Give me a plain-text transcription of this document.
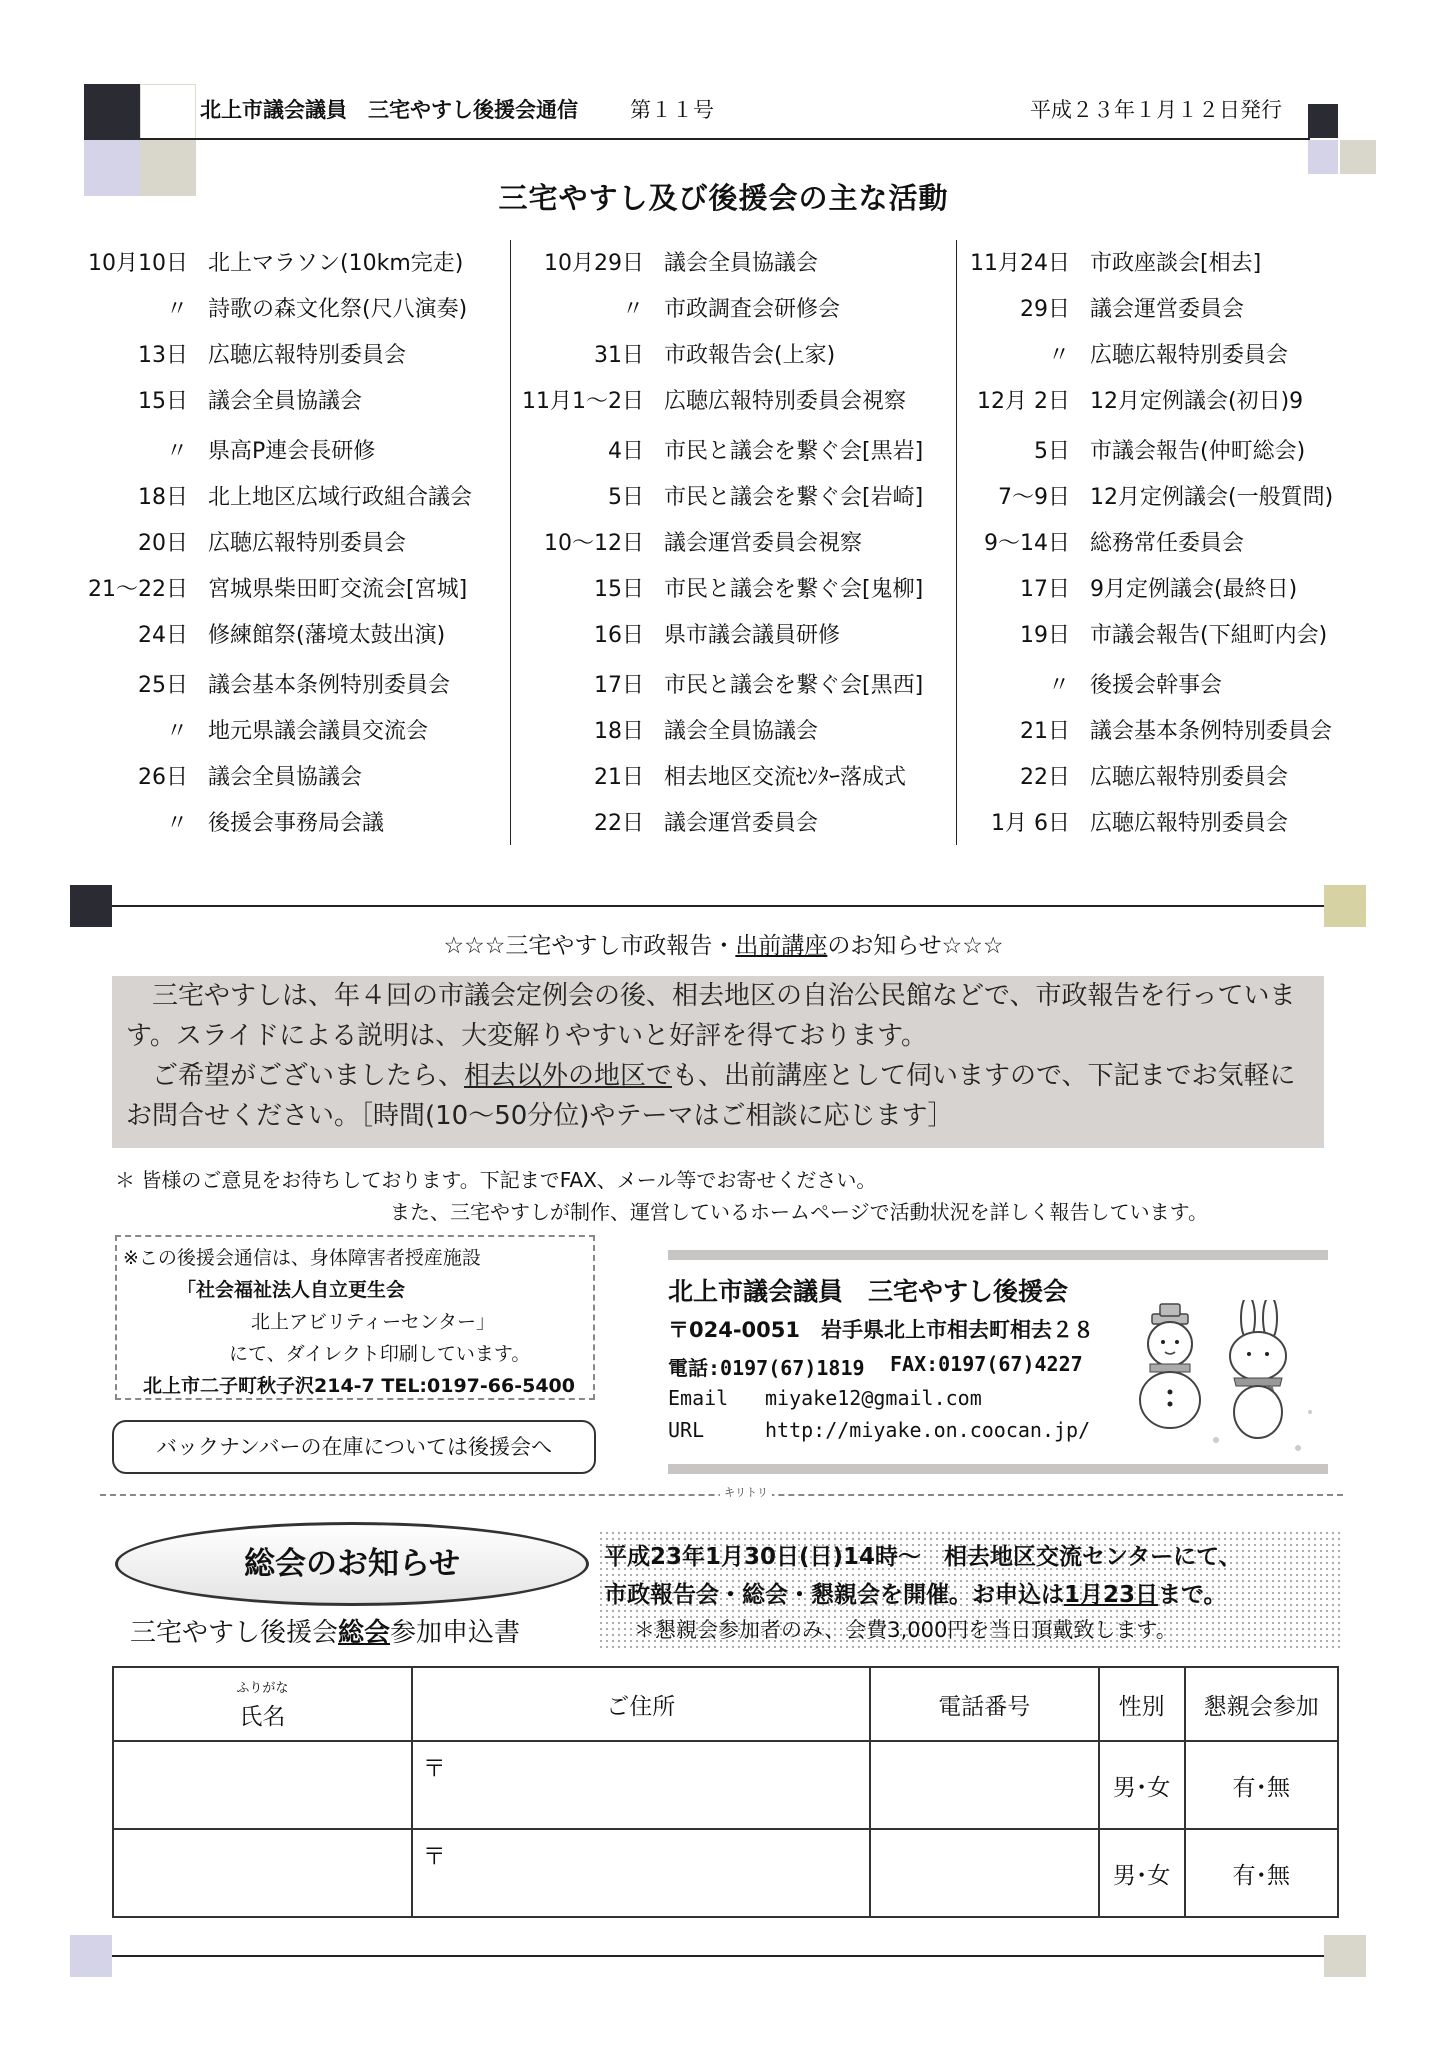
北上市議会議員　三宅やすし後援会通信 第１１号	平成２３年１月１２日発行
三宅やすし及び後援会の主な活動
10月10日 北上マラソン(10km完走)
〃 詩歌の森文化祭(尺八演奏)
13日 広聴広報特別委員会
15日 議会全員協議会
〃 県高P連会長研修
18日 北上地区広域行政組合議会
20日 広聴広報特別委員会
21～22日 宮城県柴田町交流会[宮城]
24日 修練館祭(藩境太鼓出演)
25日 議会基本条例特別委員会
〃 地元県議会議員交流会
26日 議会全員協議会
〃 後援会事務局会議
10月29日 議会全員協議会
〃 市政調査会研修会
31日 市政報告会(上家)
11月1～2日 広聴広報特別委員会視察
4日 市民と議会を繋ぐ会[黒岩]
5日 市民と議会を繋ぐ会[岩崎]
10～12日 議会運営委員会視察
15日 市民と議会を繋ぐ会[鬼柳]
16日 県市議会議員研修
17日 市民と議会を繋ぐ会[黒西]
18日 議会全員協議会
21日 相去地区交流ｾﾝﾀｰ落成式
22日 議会運営委員会
11月24日 市政座談会[相去]
29日 議会運営委員会
〃 広聴広報特別委員会
12月 2日 12月定例議会(初日)9
5日 市議会報告(仲町総会)
7～9日 12月定例議会(一般質問)
9～14日 総務常任委員会
17日 9月定例議会(最終日)
19日 市議会報告(下組町内会)
〃 後援会幹事会
21日 議会基本条例特別委員会
22日 広聴広報特別委員会
1月 6日 広聴広報特別委員会
☆☆☆三宅やすし市政報告・出前講座のお知らせ☆☆☆

　三宅やすしは、年４回の市議会定例会の後、相去地区の自治公民館などで、市政報告を行っています。スライドによる説明は、大変解りやすいと好評を得ております。

　ご希望がございましたら、相去以外の地区でも、出前講座として伺いますので、下記までお気軽にお問合せください。［時間(10～50分位)やテーマはご相談に応じます］

＊ 皆様のご意見をお待ちしております。下記までFAX、メール等でお寄せください。
また、三宅やすしが制作、運営しているホームページで活動状況を詳しく報告しています。
※この後援会通信は、身体障害者授産施設
「社会福祉法人自立更生会
北上アビリティーセンター」
にて、ダイレクト印刷しています。
北上市二子町秋子沢214-7 TEL:0197-66-5400
バックナンバーの在庫については後援会へ
北上市議会議員　三宅やすし後援会
〒024-0051　岩手県北上市相去町相去２８
電話:0197(67)1819 FAX:0197(67)4227
Email miyake12@gmail.com
URL	http://miyake.on.coocan.jp/
キリトリ
総会のお知らせ
三宅やすし後援会総会参加申込書
平成23年1月30日(日)14時～　相去地区交流センターにて、
市政報告会・総会・懇親会を開催。お申込は1月23日まで。
＊懇親会参加者のみ、会費3,000円を当日頂戴致します。
ふりがな
氏名	ご住所	電話番号	性別	懇親会参加
	〒		男･女	有･無
	〒		男･女	有･無
